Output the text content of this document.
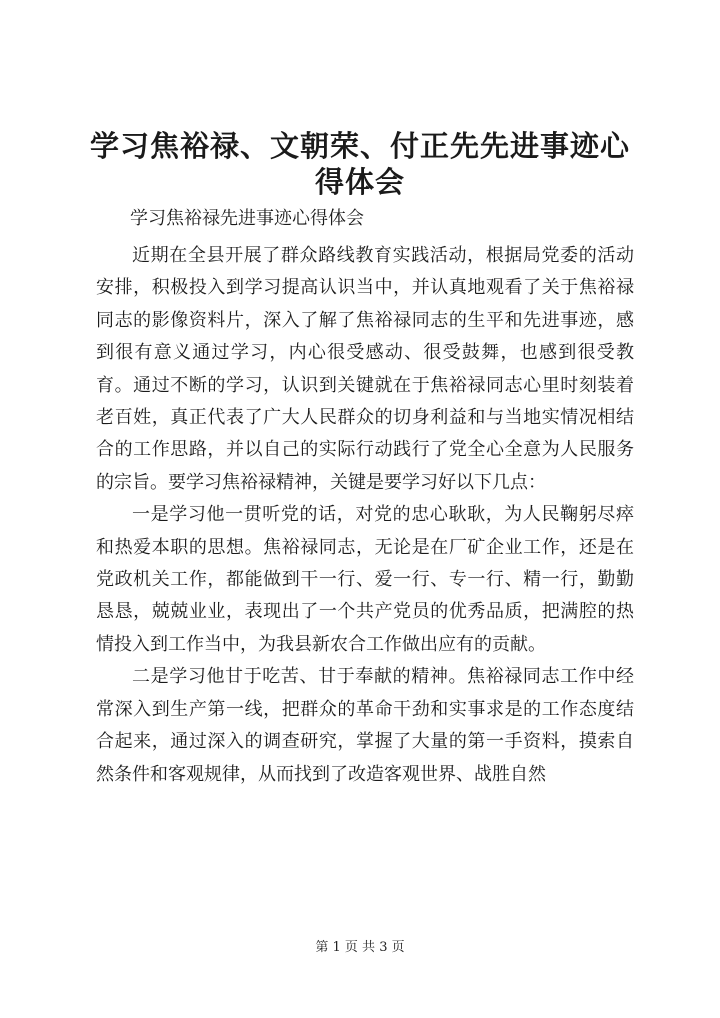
学习焦裕禄、文朝荣、付正先先进事迹心得体会

学习焦裕禄先进事迹心得体会

近期在全县开展了群众路线教育实践活动，根据局党委的活动安排，积极投入到学习提高认识当中，并认真地观看了关于焦裕禄同志的影像资料片，深入了解了焦裕禄同志的生平和先进事迹，感到很有意义通过学习，内心很受感动、很受鼓舞，也感到很受教育。通过不断的学习，认识到关键就在于焦裕禄同志心里时刻装着老百姓，真正代表了广大人民群众的切身利益和与当地实情况相结合的工作思路，并以自己的实际行动践行了党全心全意为人民服务的宗旨。要学习焦裕禄精神，关键是要学习好以下几点：

一是学习他一贯听党的话，对党的忠心耿耿，为人民鞠躬尽瘁和热爱本职的思想。焦裕禄同志，无论是在厂矿企业工作，还是在党政机关工作，都能做到干一行、爱一行、专一行、精一行，勤勤恳恳，兢兢业业，表现出了一个共产党员的优秀品质，把满腔的热情投入到工作当中，为我县新农合工作做出应有的贡献。

二是学习他甘于吃苦、甘于奉献的精神。焦裕禄同志工作中经常深入到生产第一线，把群众的革命干劲和实事求是的工作态度结合起来，通过深入的调查研究，掌握了大量的第一手资料，摸索自然条件和客观规律，从而找到了改造客观世界、战胜自然

第 1 页 共 3 页
